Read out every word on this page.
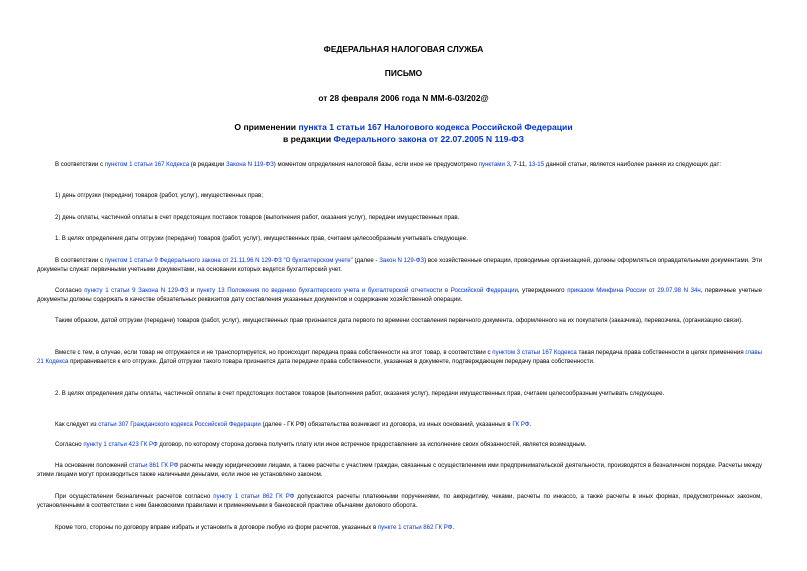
ФЕДЕРАЛЬНАЯ НАЛОГОВАЯ СЛУЖБА
ПИСЬМО
от 28 февраля 2006 года N ММ-6-03/202@
О применении пункта 1 статьи 167 Налогового кодекса Российской Федерации
в редакции Федерального закона от 22.07.2005 N 119-ФЗ

В соответствии с пунктом 1 статьи 167 Кодекса (в редакции Закона N 119-ФЗ) моментом определения налоговой базы, если иное не предусмотрено пунктами 3, 7-11, 13-15 данной статьи, является наиболее ранняя из следующих дат:

1) день отгрузки (передачи) товаров (работ, услуг), имущественных прав;

2) день оплаты, частичной оплаты в счет предстоящих поставок товаров (выполнения работ, оказания услуг), передачи имущественных прав.

1. В целях определения даты отгрузки (передачи) товаров (работ, услуг), имущественных прав, считаем целесообразным учитывать следующее.

В соответствии с пунктом 1 статьи 9 Федерального закона от 21.11.96 N 129-ФЗ "О бухгалтерском учете" (далее - Закон N 129-ФЗ) все хозяйственные операции, проводимые организацией, должны оформляться оправдательными документами. Эти документы служат первичными учетными документами, на основании которых ведется бухгалтерский учет.

Согласно пункту 1 статьи 9 Закона N 129-ФЗ и пункту 13 Положения по ведению бухгалтерского учета и бухгалтерской отчетности в Российской Федерации, утвержденного приказом Минфина России от 29.07.98 N 34н, первичные учетные документы должны содержать в качестве обязательных реквизитов дату составления указанных документов и содержание хозяйственной операции.

Таким образом, датой отгрузки (передачи) товаров (работ, услуг), имущественных прав признается дата первого по времени составления первичного документа, оформленного на их покупателя (заказчика), перевозчика, (организацию связи).

Вместе с тем, в случае, если товар не отгружается и не транспортируется, но происходит передача права собственности на этот товар, в соответствии с пунктом 3 статьи 167 Кодекса такая передача права собственности в целях применения главы 21 Кодекса приравнивается к его отгрузке. Датой отгрузки такого товара признается дата передачи права собственности, указанная в документе, подтверждающем передачу права собственности.

2. В целях определения даты оплаты, частичной оплаты в счет предстоящих поставок товаров (выполнения работ, оказания услуг), передачи имущественных прав, считаем целесообразным учитывать следующее.

Как следует из статьи 307 Гражданского кодекса Российской Федерации (далее - ГК РФ) обязательства возникают из договора, из иных оснований, указанных в ГК РФ.

Согласно пункту 1 статьи 423 ГК РФ договор, по которому сторона должна получить плату или иное встречное предоставление за исполнение своих обязанностей, является возмездным.

На основании положений статьи 861 ГК РФ расчеты между юридическими лицами, а также расчеты с участием граждан, связанные с осуществлением ими предпринимательской деятельности, производятся в безналичном порядке. Расчеты между этими лицами могут производиться также наличными деньгами, если иное не установлено законом.

При осуществлении безналичных расчетов согласно пункту 1 статьи 862 ГК РФ допускаются расчеты платежными поручениями, по аккредитиву, чеками, расчеты по инкассо, а также расчеты в иных формах, предусмотренных законом, установленными в соответствии с ним банковскими правилами и применяемыми в банковской практике обычаями делового оборота.

Кроме того, стороны по договору вправе избрать и установить в договоре любую из форм расчетов, указанных в пункте 1 статьи 862 ГК РФ.
